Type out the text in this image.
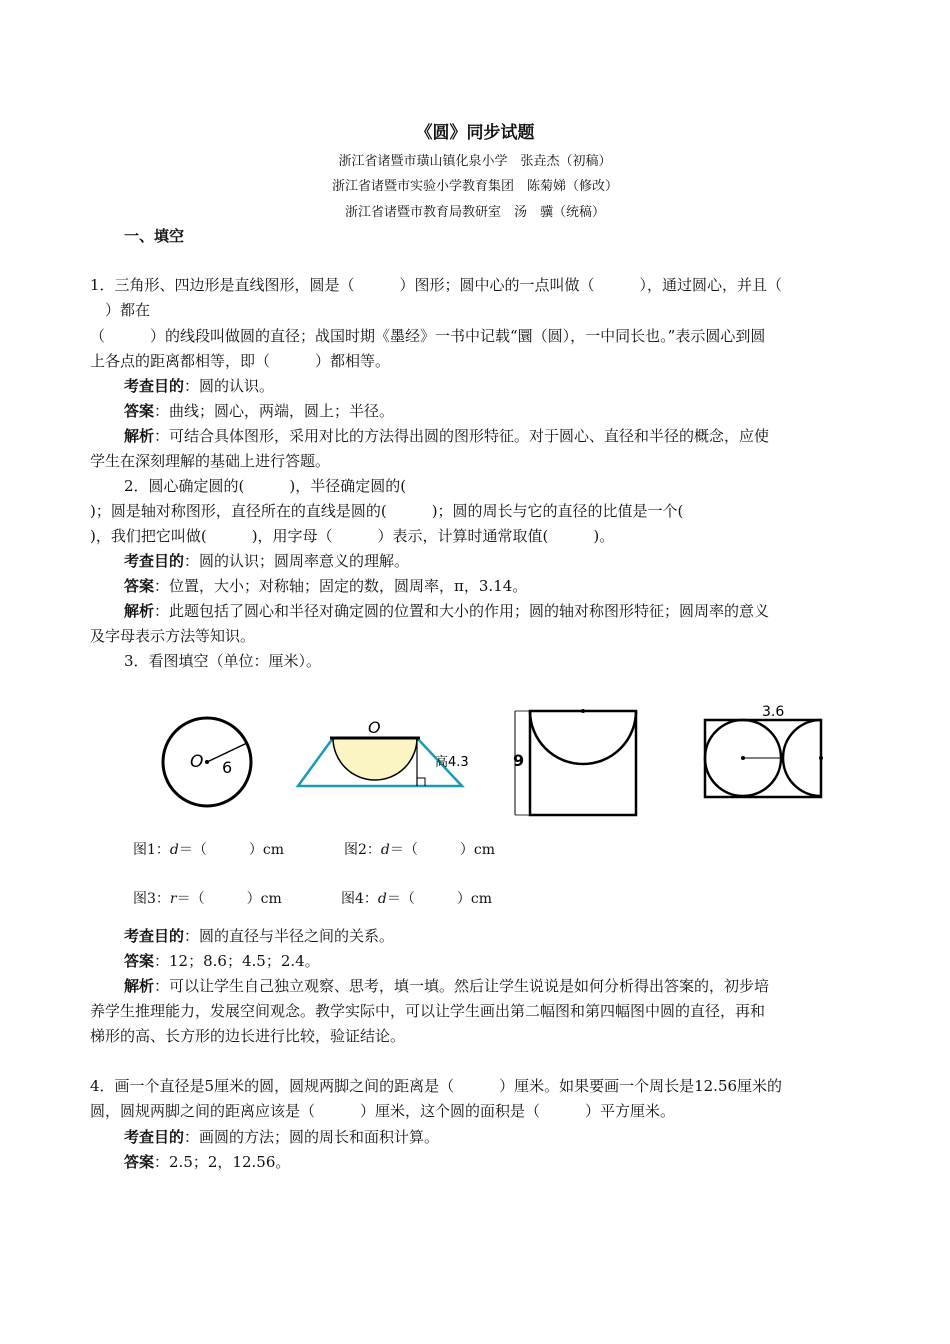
《圆》同步试题
浙江省诸暨市璜山镇化泉小学　张垚杰（初稿）
浙江省诸暨市实验小学教育集团　陈菊娣（修改）
浙江省诸暨市教育局教研室　汤　骥（统稿）
一、填空
1．三角形、四边形是直线图形，圆是（　　　）图形；圆中心的一点叫做（　　　），通过圆心，并且（
　）都在
（　　　）的线段叫做圆的直径；战国时期《墨经》一书中记载“圜（圆），一中同长也。”表示圆心到圆
上各点的距离都相等，即（　　　）都相等。
考查目的：圆的认识。
答案：曲线；圆心，两端，圆上；半径。
解析：可结合具体图形，采用对比的方法得出圆的图形特征。对于圆心、直径和半径的概念，应使
学生在深刻理解的基础上进行答题。
2．圆心确定圆的(　　　)，半径确定圆的(
)；圆是轴对称图形，直径所在的直线是圆的(　　　)；圆的周长与它的直径的比值是一个(
)，我们把它叫做(　　　)，用字母（　　　）表示，计算时通常取值(　　　)。
考查目的：圆的认识；圆周率意义的理解。
答案：位置，大小；对称轴；固定的数，圆周率，π，3.14。
解析：此题包括了圆心和半径对确定圆的位置和大小的作用；圆的轴对称图形特征；圆周率的意义
及字母表示方法等知识。
3．看图填空（单位：厘米）。
O 6
O
高4.3	9
3.6
图1：d＝（　　　）cm	图2：d＝（　　　）cm
图3：r＝（　　　）cm	图4：d＝（　　　）cm
考查目的：圆的直径与半径之间的关系。
答案：12；8.6；4.5；2.4。
解析：可以让学生自己独立观察、思考，填一填。然后让学生说说是如何分析得出答案的，初步培
养学生推理能力，发展空间观念。教学实际中，可以让学生画出第二幅图和第四幅图中圆的直径，再和
梯形的高、长方形的边长进行比较，验证结论。
4．画一个直径是5厘米的圆，圆规两脚之间的距离是（　　　）厘米。如果要画一个周长是12.56厘米的
圆，圆规两脚之间的距离应该是（　　　）厘米，这个圆的面积是（　　　）平方厘米。
考查目的：画圆的方法；圆的周长和面积计算。
答案：2.5；2，12.56。
